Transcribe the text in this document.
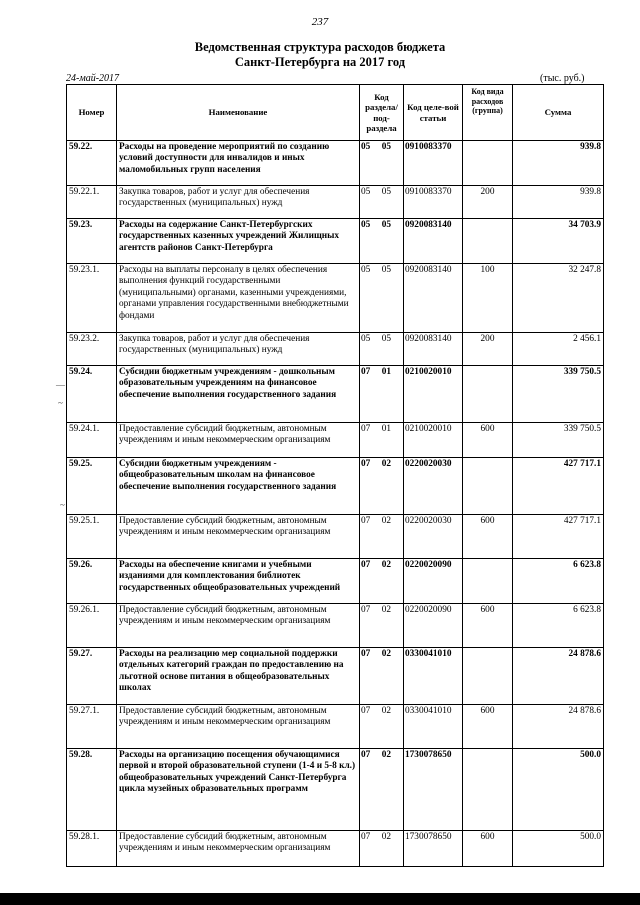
237
Ведомственная структура расходов бюджета
Санкт-Петербурга на 2017 год
24-май-2017	(тыс. руб.)
Номер	Наименование	Код раздела/ под-раздела	Код целе-вой статьи	Код вида расходов (группа)	Сумма
59.22.	Расходы на проведение мероприятий по созданию условий доступности для инвалидов и иных маломобильных групп населения	05 05	0910083370		939.8
59.22.1.	Закупка товаров, работ и услуг для обеспечения государственных (муниципальных) нужд	05 05	0910083370	200	939.8
59.23.	Расходы на содержание Санкт-Петербургских государственных казенных учреждений Жилищных агентств районов Санкт-Петербурга	05 05	0920083140		34 703.9
59.23.1.	Расходы на выплаты персоналу в целях обеспечения выполнения функций государственными (муниципальными) органами, казенными учреждениями, органами управления государственными внебюджетными фондами	05 05	0920083140	100	32 247.8
59.23.2.	Закупка товаров, работ и услуг для обеспечения государственных (муниципальных) нужд	05 05	0920083140	200	2 456.1
59.24.	Субсидии бюджетным учреждениям - дошкольным образовательным учреждениям на финансовое обеспечение выполнения государственного задания	07 01	0210020010		339 750.5
59.24.1.	Предоставление субсидий бюджетным, автономным учреждениям и иным некоммерческим организациям	07 01	0210020010	600	339 750.5
59.25.	Субсидии бюджетным учреждениям - общеобразовательным школам на финансовое обеспечение выполнения государственного задания	07 02	0220020030		427 717.1
59.25.1.	Предоставление субсидий бюджетным, автономным учреждениям и иным некоммерческим организациям	07 02	0220020030	600	427 717.1
59.26.	Расходы на обеспечение книгами и учебными изданиями для комплектования библиотек государственных общеобразовательных учреждений	07 02	0220020090		6 623.8
59.26.1.	Предоставление субсидий бюджетным, автономным учреждениям и иным некоммерческим организациям	07 02	0220020090	600	6 623.8
59.27.	Расходы на реализацию мер социальной поддержки отдельных категорий граждан по предоставлению на льготной основе питания в общеобразовательных школах	07 02	0330041010		24 878.6
59.27.1.	Предоставление субсидий бюджетным, автономным учреждениям и иным некоммерческим организациям	07 02	0330041010	600	24 878.6
59.28.	Расходы на организацию посещения обучающимися первой и второй образовательной ступени (1-4 и 5-8 кл.) общеобразовательных учреждений Санкт-Петербурга цикла музейных образовательных программ	07 02	1730078650		500.0
59.28.1.	Предоставление субсидий бюджетным, автономным учреждениям и иным некоммерческим организациям	07 02	1730078650	600	500.0
—
~
~
